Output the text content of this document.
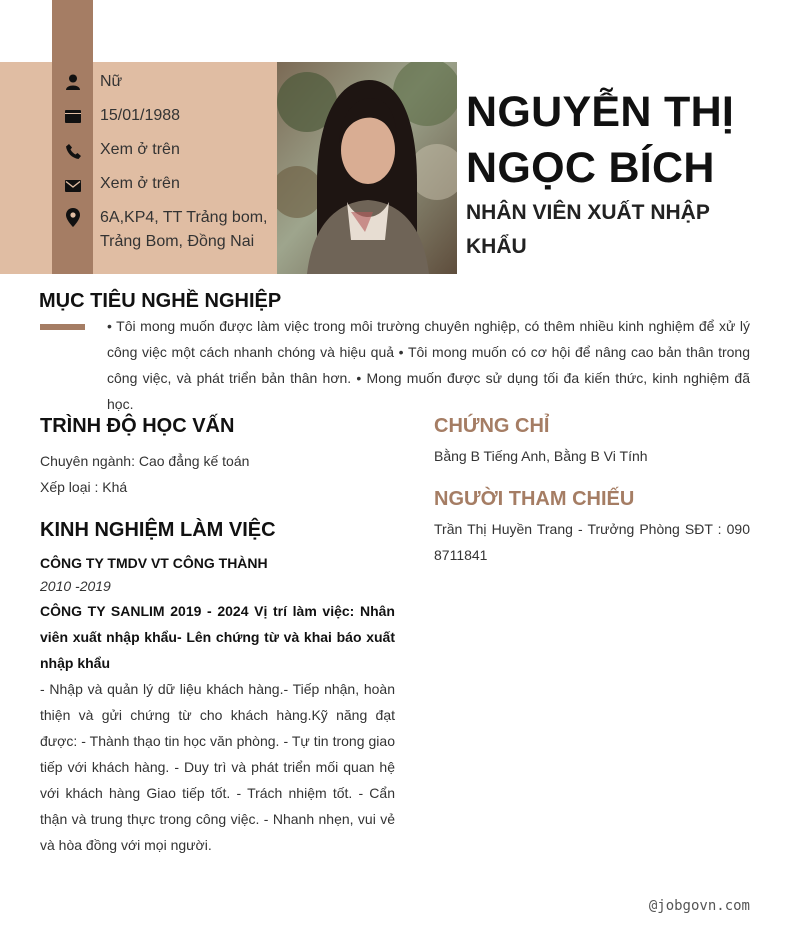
Nữ
15/01/1988
Xem ở trên
Xem ở trên
6A,KP4, TT Trảng bom, Trảng Bom, Đồng Nai
NGUYỄN THỊ NGỌC BÍCH
NHÂN VIÊN XUẤT NHẬP KHẨU
MỤC TIÊU NGHỀ NGHIỆP
• Tôi mong muốn được làm việc trong môi trường chuyên nghiệp, có thêm nhiều kinh nghiệm để xử lý công việc một cách nhanh chóng và hiệu quả • Tôi mong muốn có cơ hội để nâng cao bản thân trong công việc, và phát triển bản thân hơn. • Mong muốn được sử dụng tối đa kiến thức, kinh nghiệm đã học.
TRÌNH ĐỘ HỌC VẤN
Chuyên ngành: Cao đẳng kế toán
Xếp loại : Khá
KINH NGHIỆM LÀM VIỆC
CÔNG TY TMDV VT CÔNG THÀNH
2010 -2019
CÔNG TY SANLIM 2019 - 2024 Vị trí làm việc: Nhân viên xuất nhập khẩu- Lên chứng từ và khai báo xuất nhập khẩu
- Nhập và quản lý dữ liệu khách hàng.- Tiếp nhận, hoàn thiện và gửi chứng từ cho khách hàng.Kỹ năng đạt được: - Thành thạo tin học văn phòng. - Tự tin trong giao tiếp với khách hàng. - Duy trì và phát triển mối quan hệ với khách hàng Giao tiếp tốt. - Trách nhiệm tốt. - Cẩn thận và trung thực trong công việc. - Nhanh nhẹn, vui vẻ và hòa đồng với mọi người.
CHỨNG CHỈ
Bằng B Tiếng Anh, Bằng B Vi Tính
NGƯỜI THAM CHIẾU
Trần Thị Huyền Trang - Trưởng Phòng SĐT : 090 8711841
@jobgovn.com
